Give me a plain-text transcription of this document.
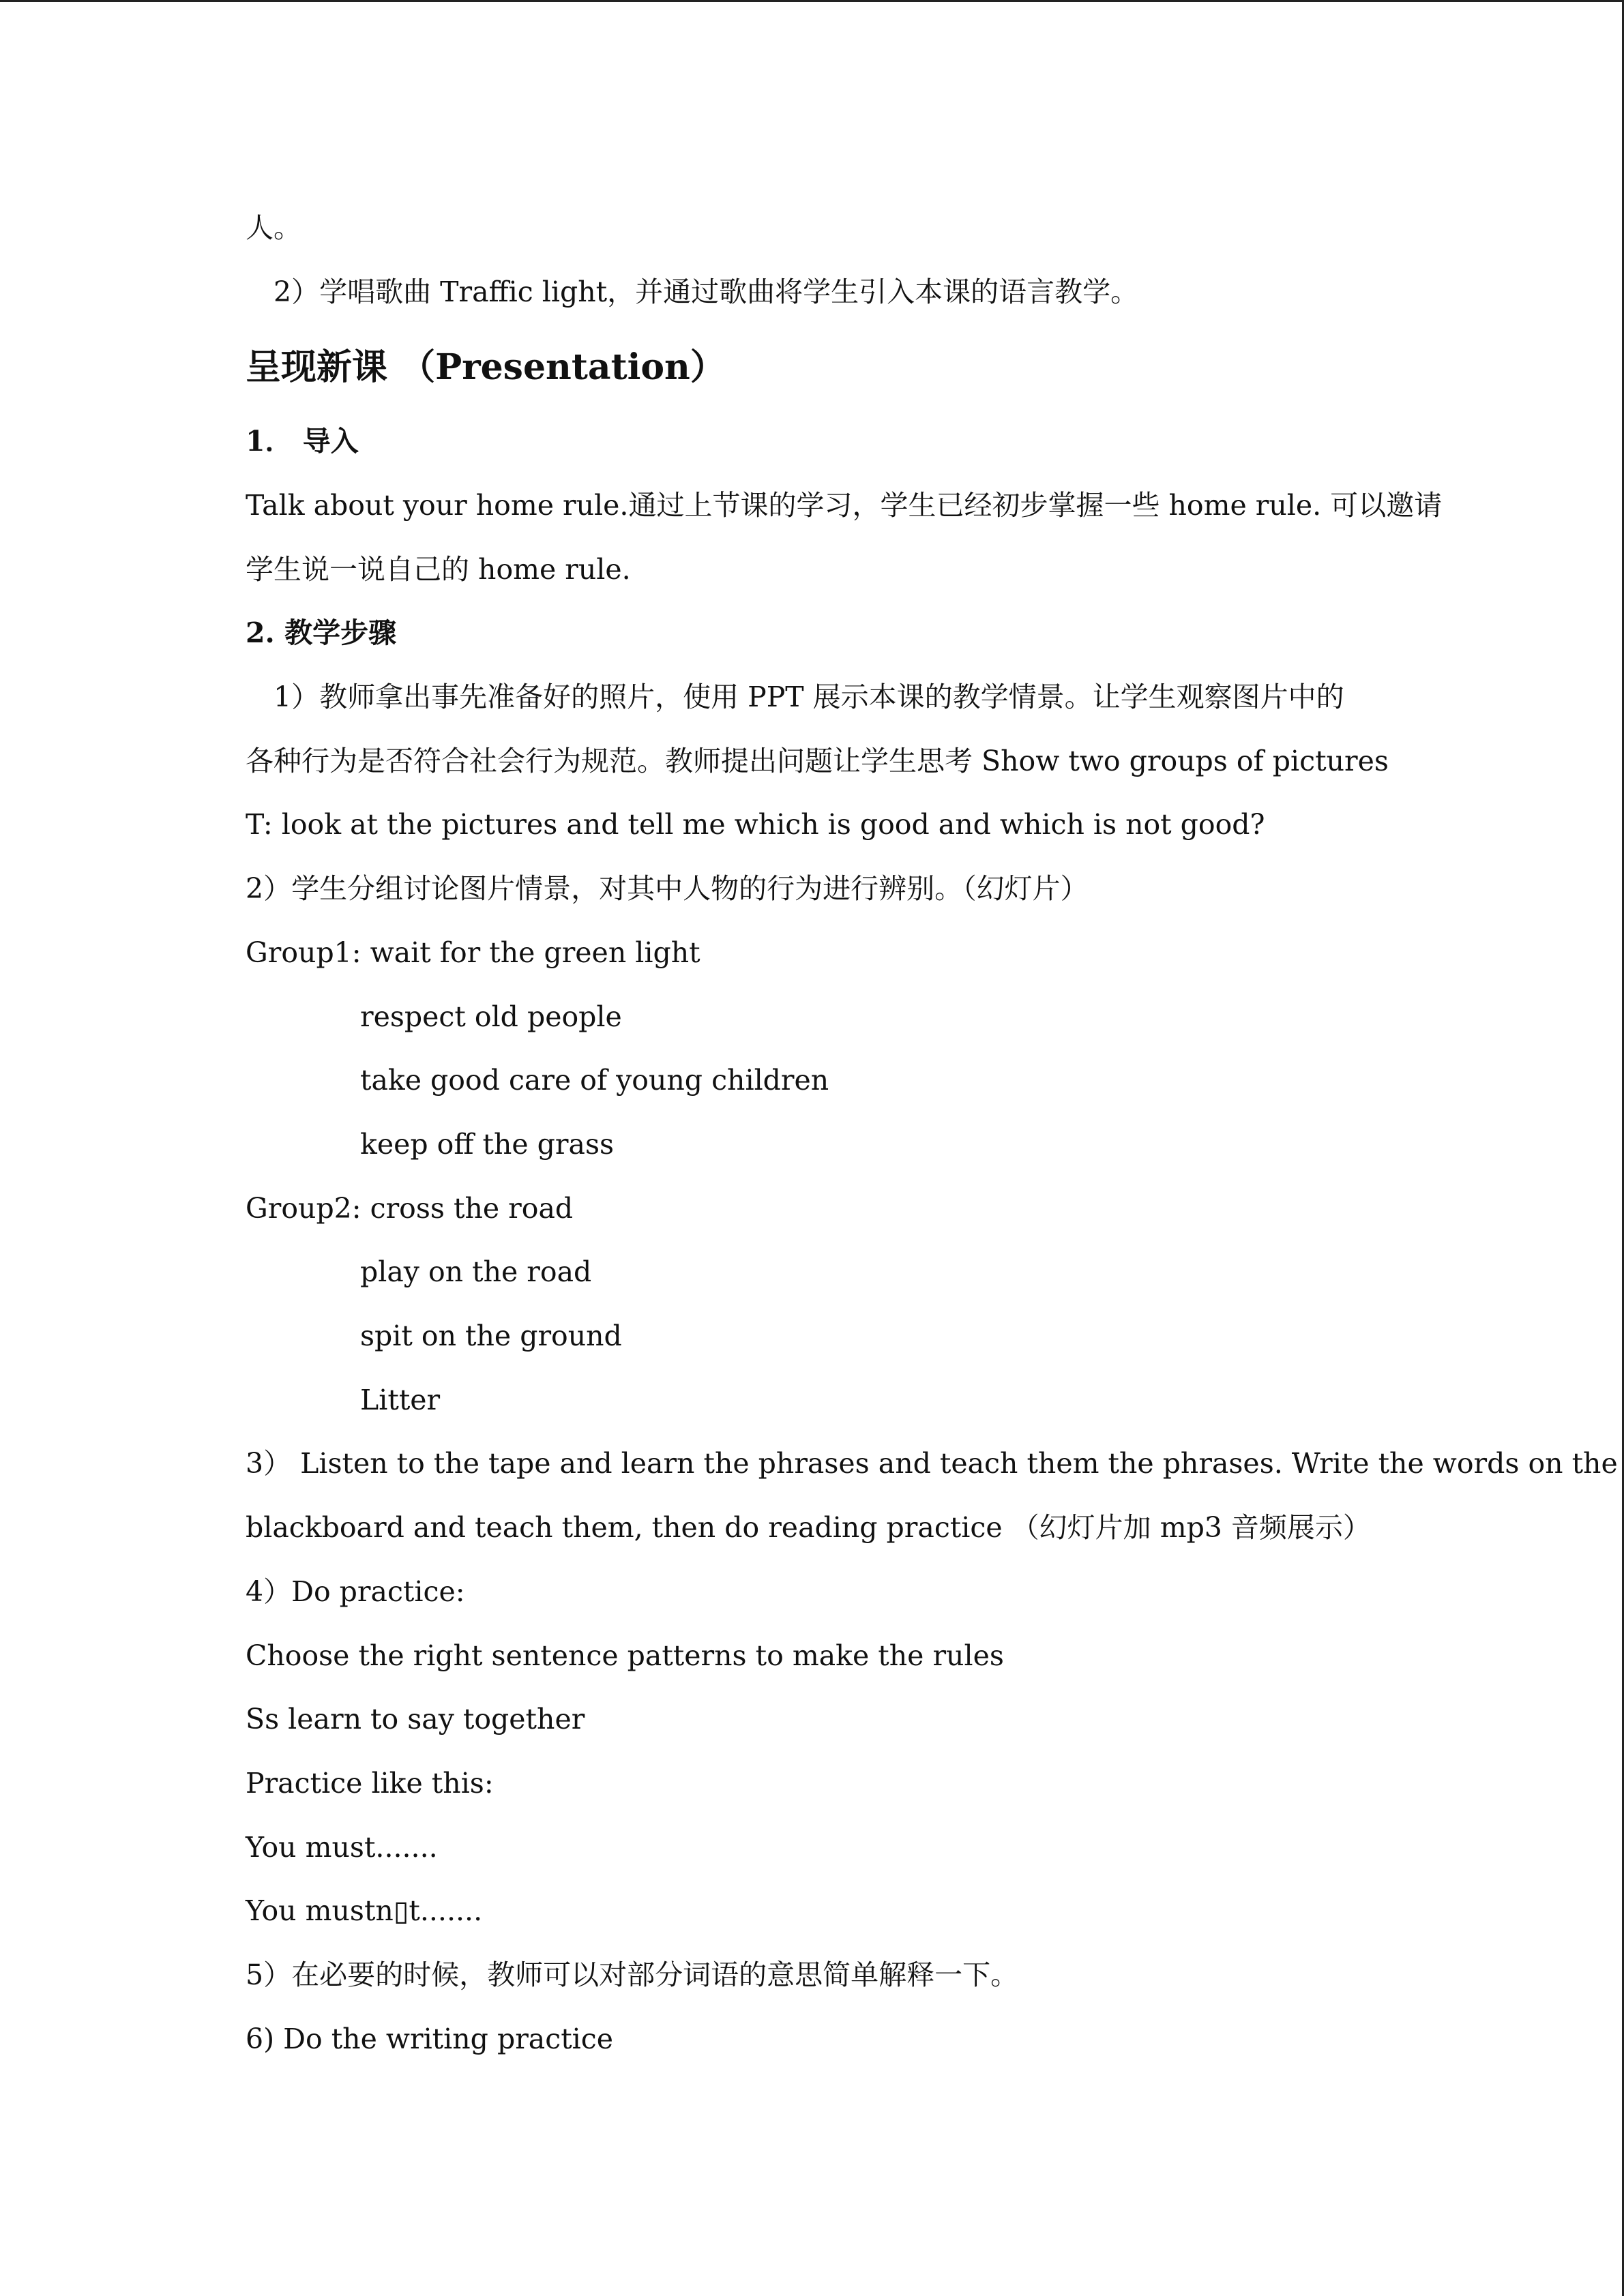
人。
　2）学唱歌曲 Traffic light，并通过歌曲将学生引入本课的语言教学。
呈现新课 （Presentation）
1． 导入
Talk about your home rule.通过上节课的学习，学生已经初步掌握一些 home rule. 可以邀请
学生说一说自己的 home rule.
2. 教学步骤
　1）教师拿出事先准备好的照片，使用 PPT 展示本课的教学情景。让学生观察图片中的
各种行为是否符合社会行为规范。教师提出问题让学生思考 Show two groups of pictures
T: look at the pictures and tell me which is good and which is not good?
2）学生分组讨论图片情景，对其中人物的行为进行辨别。（幻灯片）
Group1: wait for the green light
respect old people
take good care of young children
keep off the grass
Group2: cross the road
play on the road
spit on the ground
Litter
3） Listen to the tape and learn the phrases and teach them the phrases. Write the words on the
blackboard and teach them, then do reading practice （幻灯片加 mp3 音频展示）
4）Do practice:
Choose the right sentence patterns to make the rules
Ss learn to say together
Practice like this:
You must.......
You mustn▯t.......
5）在必要的时候，教师可以对部分词语的意思简单解释一下。
6) Do the writing practice
